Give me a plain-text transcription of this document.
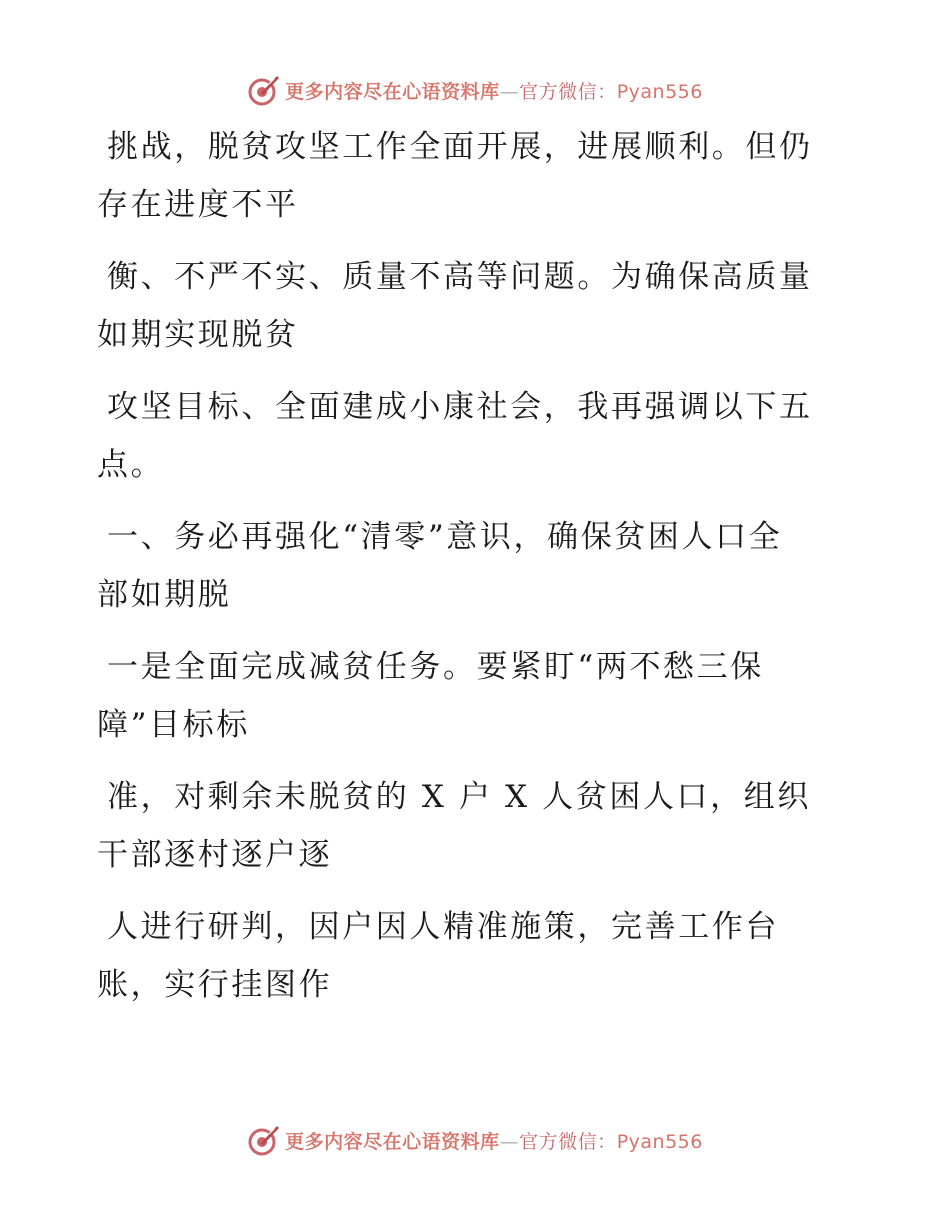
更多内容尽在心语资料库—官方微信：Pyan556

挑战，脱贫攻坚工作全面开展，进展顺利。但仍
存在进度不平

衡、不严不实、质量不高等问题。为确保高质量
如期实现脱贫

攻坚目标、全面建成小康社会，我再强调以下五
点。

一、务必再强化“清零”意识，确保贫困人口全
部如期脱

一是全面完成减贫任务。要紧盯“两不愁三保
障”目标标

准，对剩余未脱贫的 X 户 X 人贫困人口，组织
干部逐村逐户逐

人进行研判，因户因人精准施策，完善工作台
账，实行挂图作

更多内容尽在心语资料库—官方微信：Pyan556
